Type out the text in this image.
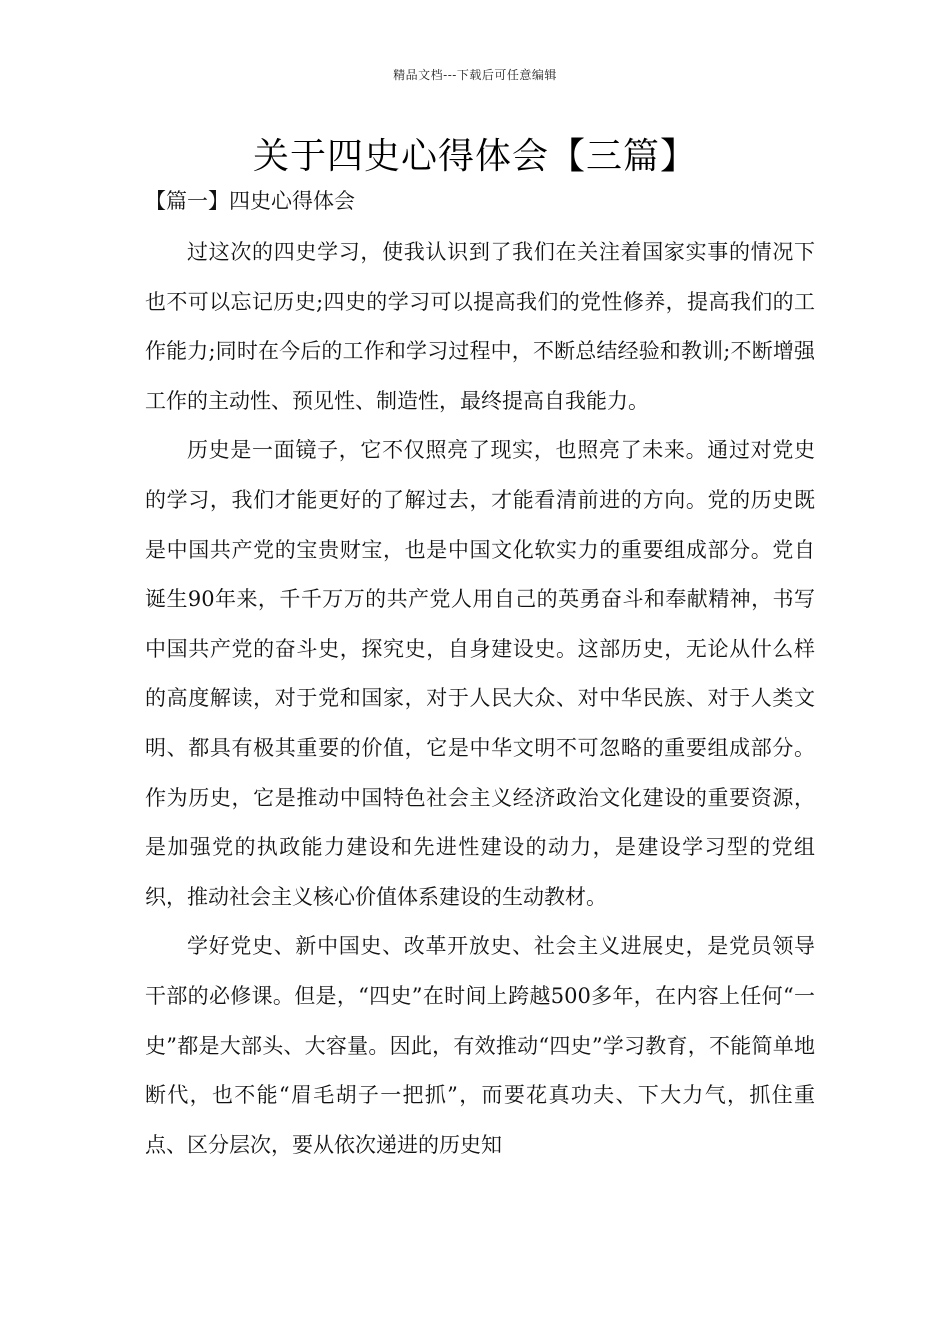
精品文档---下载后可任意编辑
关于四史心得体会【三篇】
【篇一】四史心得体会

过这次的四史学习，使我认识到了我们在关注着国家实事的情况下也不可以忘记历史;四史的学习可以提高我们的党性修养，提高我们的工作能力;同时在今后的工作和学习过程中，不断总结经验和教训;不断增强工作的主动性、预见性、制造性，最终提高自我能力。

历史是一面镜子，它不仅照亮了现实，也照亮了未来。通过对党史的学习，我们才能更好的了解过去，才能看清前进的方向。党的历史既是中国共产党的宝贵财宝，也是中国文化软实力的重要组成部分。党自诞生90年来，千千万万的共产党人用自己的英勇奋斗和奉献精神，书写中国共产党的奋斗史，探究史，自身建设史。这部历史，无论从什么样的高度解读，对于党和国家，对于人民大众、对中华民族、对于人类文明、都具有极其重要的价值，它是中华文明不可忽略的重要组成部分。作为历史，它是推动中国特色社会主义经济政治文化建设的重要资源，是加强党的执政能力建设和先进性建设的动力，是建设学习型的党组织，推动社会主义核心价值体系建设的生动教材。

学好党史、新中国史、改革开放史、社会主义进展史，是党员领导干部的必修课。但是，“四史”在时间上跨越500多年，在内容上任何“一史”都是大部头、大容量。因此，有效推动“四史”学习教育，不能简单地断代，也不能“眉毛胡子一把抓”，而要花真功夫、下大力气，抓住重点、区分层次，要从依次递进的历史知
